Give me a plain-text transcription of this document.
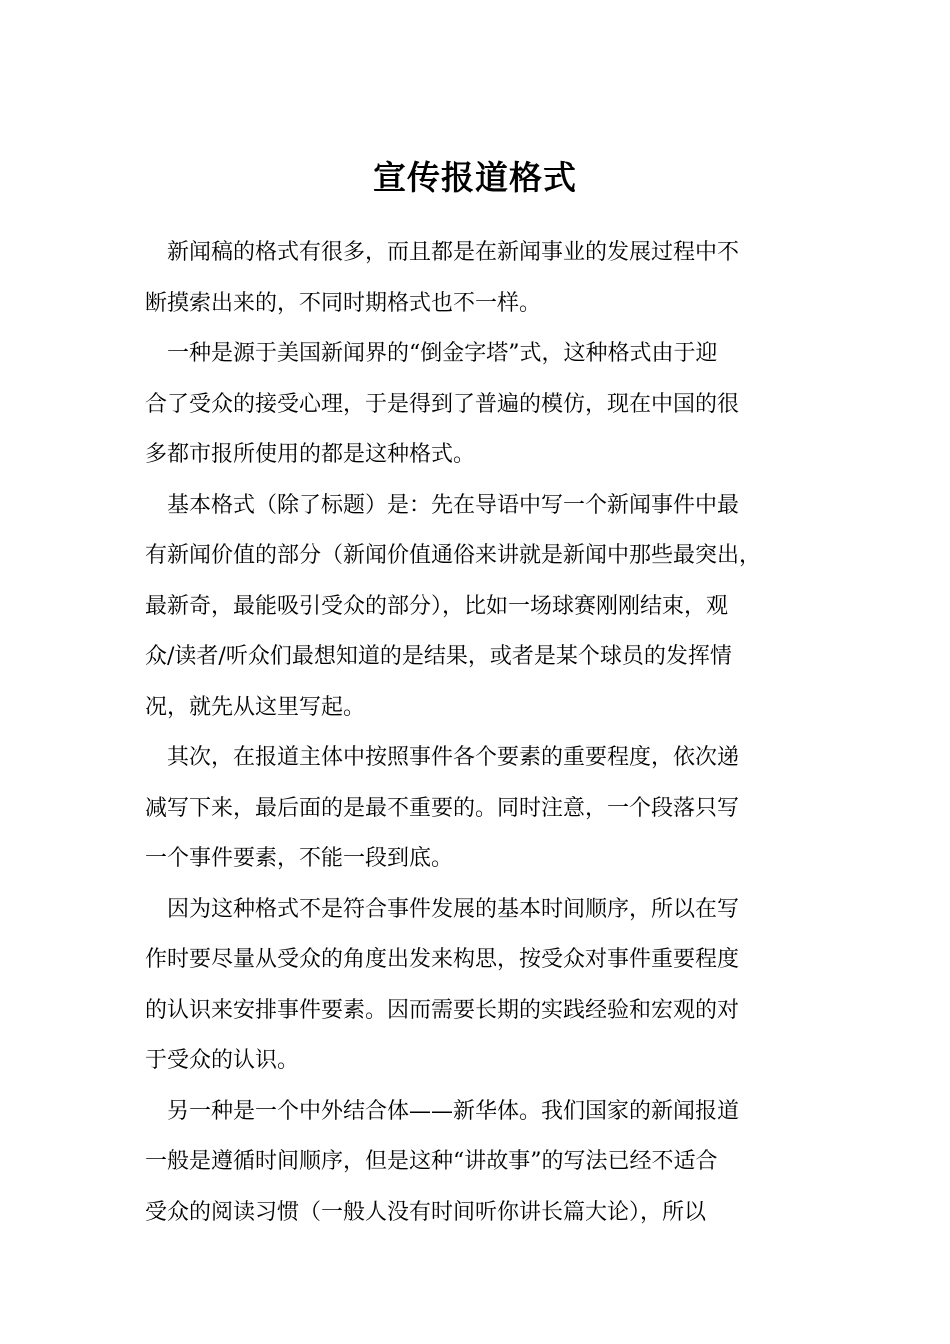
宣传报道格式

新闻稿的格式有很多，而且都是在新闻事业的发展过程中不
断摸索出来的，不同时期格式也不一样。

一种是源于美国新闻界的“倒金字塔”式，这种格式由于迎
合了受众的接受心理，于是得到了普遍的模仿，现在中国的很
多都市报所使用的都是这种格式。

基本格式（除了标题）是：先在导语中写一个新闻事件中最
有新闻价值的部分（新闻价值通俗来讲就是新闻中那些最突出，
最新奇，最能吸引受众的部分），比如一场球赛刚刚结束，观
众/读者/听众们最想知道的是结果，或者是某个球员的发挥情
况，就先从这里写起。

其次，在报道主体中按照事件各个要素的重要程度，依次递
减写下来，最后面的是最不重要的。同时注意，一个段落只写
一个事件要素，不能一段到底。

因为这种格式不是符合事件发展的基本时间顺序，所以在写
作时要尽量从受众的角度出发来构思，按受众对事件重要程度
的认识来安排事件要素。因而需要长期的实践经验和宏观的对
于受众的认识。

另一种是一个中外结合体——新华体。我们国家的新闻报道
一般是遵循时间顺序，但是这种“讲故事”的写法已经不适合
受众的阅读习惯（一般人没有时间听你讲长篇大论），所以
